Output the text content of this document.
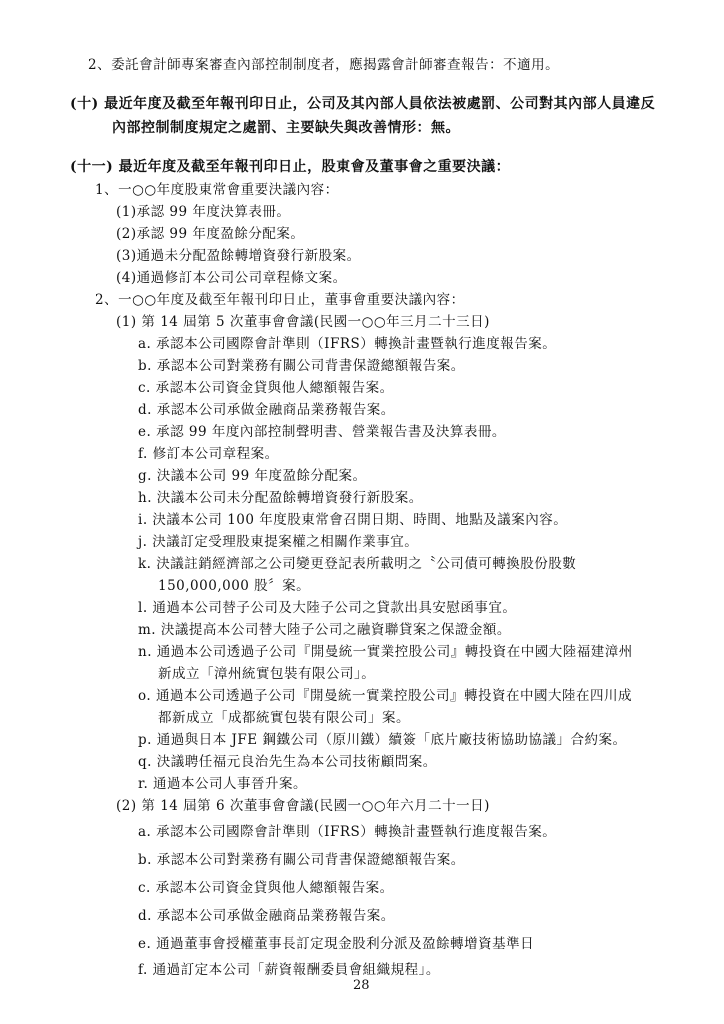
2、委託會計師專案審查內部控制制度者，應揭露會計師審查報告：不適用。
(十) 最近年度及截至年報刊印日止，公司及其內部人員依法被處罰、公司對其內部人員違反
內部控制制度規定之處罰、主要缺失與改善情形：無。
(十一) 最近年度及截至年報刊印日止，股東會及董事會之重要決議：
1、一○○年度股東常會重要決議內容：
(1)承認 99 年度決算表冊。
(2)承認 99 年度盈餘分配案。
(3)通過未分配盈餘轉增資發行新股案。
(4)通過修訂本公司公司章程條文案。
2、一○○年度及截至年報刊印日止，董事會重要決議內容：
(1) 第 14 屆第 5 次董事會會議(民國一○○年三月二十三日)
a. 承認本公司國際會計準則（IFRS）轉換計畫暨執行進度報告案。
b. 承認本公司對業務有關公司背書保證總額報告案。
c. 承認本公司資金貸與他人總額報告案。
d. 承認本公司承做金融商品業務報告案。
e. 承認 99 年度內部控制聲明書、營業報告書及決算表冊。
f. 修訂本公司章程案。
g. 決議本公司 99 年度盈餘分配案。
h. 決議本公司未分配盈餘轉增資發行新股案。
i. 決議本公司 100 年度股東常會召開日期、時間、地點及議案內容。
j. 決議訂定受理股東提案權之相關作業事宜。
k. 決議註銷經濟部之公司變更登記表所載明之〝公司債可轉換股份股數
150,000,000 股〞案。
l. 通過本公司替子公司及大陸子公司之貸款出具安慰函事宜。
m. 決議提高本公司替大陸子公司之融資聯貸案之保證金額。
n. 通過本公司透過子公司『開曼統一實業控股公司』轉投資在中國大陸福建漳州
新成立「漳州統實包裝有限公司」。
o. 通過本公司透過子公司『開曼統一實業控股公司』轉投資在中國大陸在四川成
都新成立「成都統實包裝有限公司」案。
p. 通過與日本 JFE 鋼鐵公司（原川鐵）續簽「底片廠技術協助協議」合約案。
q. 決議聘任福元良治先生為本公司技術顧問案。
r. 通過本公司人事晉升案。
(2) 第 14 屆第 6 次董事會會議(民國一○○年六月二十一日)
a. 承認本公司國際會計準則（IFRS）轉換計畫暨執行進度報告案。
b. 承認本公司對業務有關公司背書保證總額報告案。
c. 承認本公司資金貸與他人總額報告案。
d. 承認本公司承做金融商品業務報告案。
e. 通過董事會授權董事長訂定現金股利分派及盈餘轉增資基準日
f. 通過訂定本公司「薪資報酬委員會組織規程」。
28
